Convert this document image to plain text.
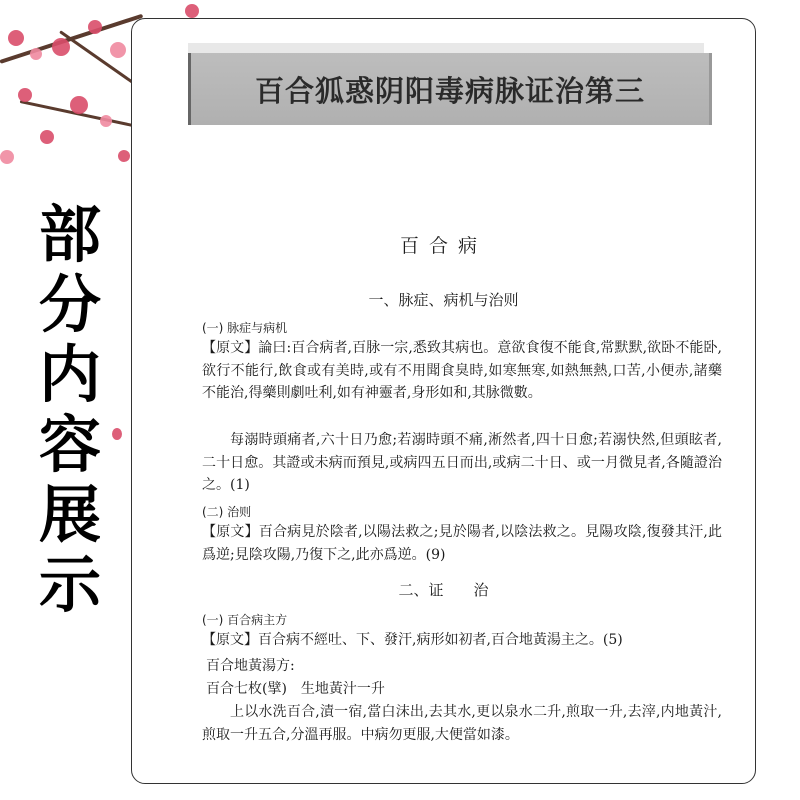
部
分
内
容
展
示
百合狐惑阴阳毒病脉证治第三
百合病
一、脉症、病机与治则
(一) 脉症与病机

【原文】論曰:百合病者,百脉一宗,悉致其病也。意欲食復不能食,常默默,欲卧不能卧,欲行不能行,飲食或有美時,或有不用聞食臭時,如寒無寒,如熱無熱,口苦,小便赤,諸藥不能治,得藥則劇吐利,如有神靈者,身形如和,其脉微數。

每溺時頭痛者,六十日乃愈;若溺時頭不痛,淅然者,四十日愈;若溺快然,但頭眩者,二十日愈。其證或未病而預見,或病四五日而出,或病二十日、或一月微見者,各隨證治之。(1)

(二) 治则

【原文】百合病見於陰者,以陽法救之;見於陽者,以陰法救之。見陽攻陰,復發其汗,此爲逆;見陰攻陽,乃復下之,此亦爲逆。(9)

二、证　　治
(一) 百合病主方

【原文】百合病不經吐、下、發汗,病形如初者,百合地黃湯主之。(5)

百合地黃湯方:
百合七枚(擘)　生地黃汁一升

上以水洗百合,漬一宿,當白沫出,去其水,更以泉水二升,煎取一升,去滓,内地黃汁,煎取一升五合,分溫再服。中病勿更服,大便當如漆。
